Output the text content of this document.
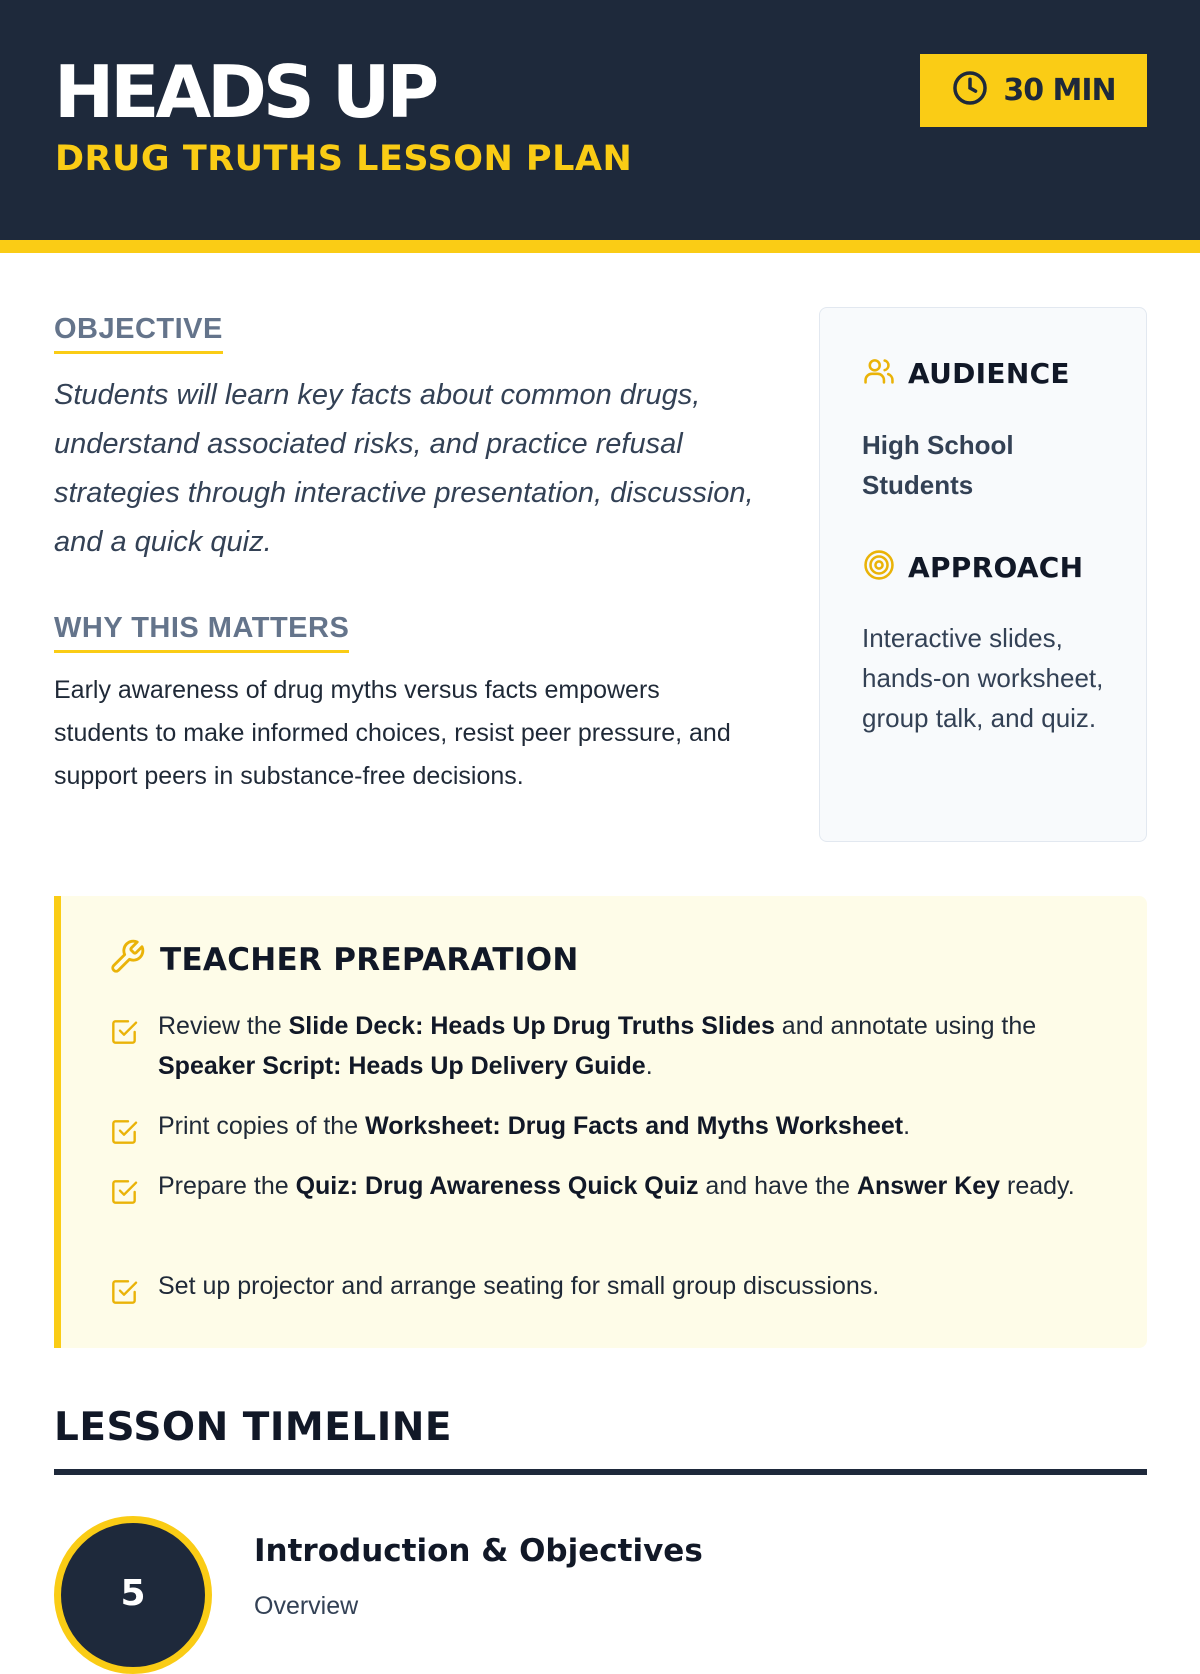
HEADS UP
DRUG TRUTHS LESSON PLAN
30 MIN
OBJECTIVE
Students will learn key facts about common drugs, understand associated risks, and practice refusal strategies through interactive presentation, discussion, and a quick quiz.
WHY THIS MATTERS
Early awareness of drug myths versus facts empowers students to make informed choices, resist peer pressure, and support peers in substance-free decisions.
AUDIENCE
High School Students
APPROACH
Interactive slides, hands-on worksheet, group talk, and quiz.
TEACHER PREPARATION
Review the Slide Deck: Heads Up Drug Truths Slides and annotate using the Speaker Script: Heads Up Delivery Guide.
Print copies of the Worksheet: Drug Facts and Myths Worksheet.
Prepare the Quiz: Drug Awareness Quick Quiz and have the Answer Key ready.
Set up projector and arrange seating for small group discussions.
LESSON TIMELINE
5
Introduction & Objectives
Overview
